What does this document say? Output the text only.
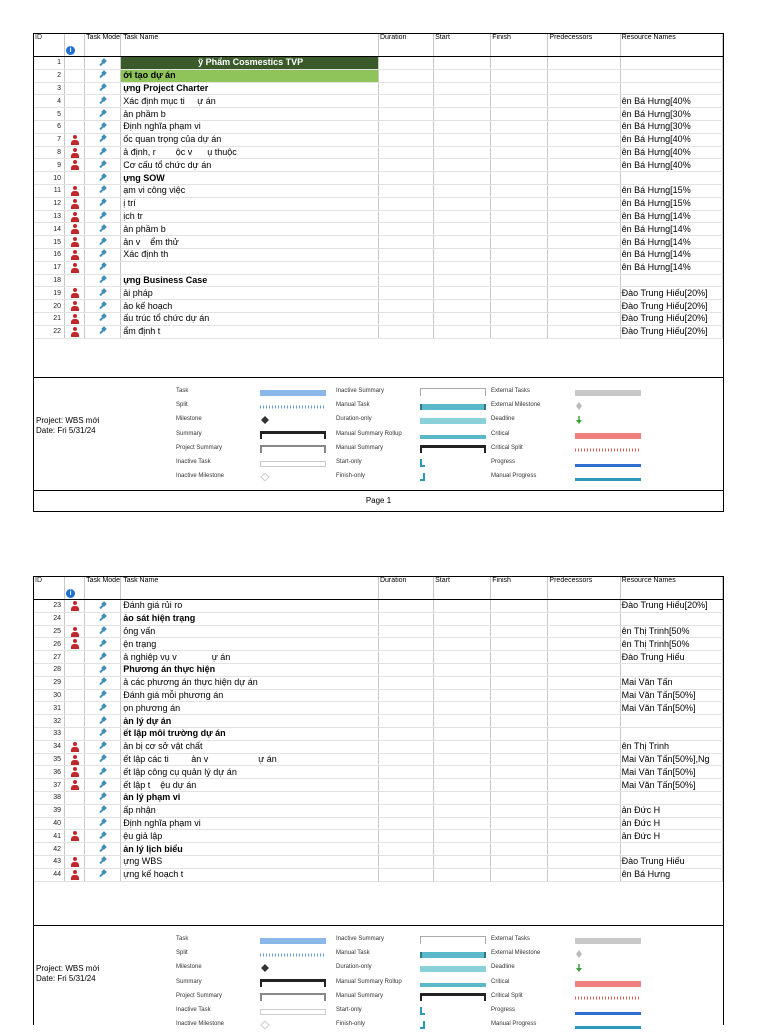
ID	i	Task Mode	Task Name	Duration	Start	Finish	Predecessors	Resource Names
1			ỹ Phẩm Cosmestics TVP					
2			ới tạo dự án					
3			ựng Project Charter					
4			Xác định mục ti     ự án					ên Bá Hưng[40%
5			ản phầm b					ên Bá Hưng[30%
6			Định nghĩa phạm vi					ên Bá Hưng[30%
7			ốc quan trọng của dự án					ên Bá Hưng[40%
8			ả định, r        ộc v      ụ thuộc					ên Bá Hưng[40%
9			Cơ cấu tổ chức dự án					ên Bá Hưng[40%
10			ựng SOW					
11			ạm vi công việc					ên Bá Hưng[15%
12			ị trí					ên Bá Hưng[15%
13			ịch tr					ên Bá Hưng[14%
14			ản phầm b					ên Bá Hưng[14%
15			ản v    ểm thử					ên Bá Hưng[14%
16			Xác định th					ên Bá Hưng[14%
17								ên Bá Hưng[14%
18			ựng Business Case					
19			ải pháp					Đào Trung Hiếu[20%]
20			ảo kế hoạch					Đào Trung Hiếu[20%]
21			ấu trúc tổ chức dự án					Đào Trung Hiếu[20%]
22			ẩm định t					Đào Trung Hiếu[20%]
Project: WBS mới
Date: Fri 5/31/24
Task
Split
Milestone
Summary
Project Summary
Inactive Task
Inactive Milestone
Inactive Summary
Manual Task
Duration-only
Manual Summary Rollup
Manual Summary
Start-only
Finish-only
External Tasks
External Milestone
Deadline
Critical
Critical Split
Progress
Manual Progress
Page 1
ID	i	Task Mode	Task Name	Duration	Start	Finish	Predecessors	Resource Names
23			Đánh giá rủi ro					Đào Trung Hiếu[20%]
24			ảo sát hiện trạng					
25			ỏng vấn					ên Thị Trinh[50%
26			ện trạng					ên Thị Trinh[50%
27			ả nghiệp vụ v              ự án					Đào Trung Hiếu
28			Phương án thực hiện					
29			ả các phương án thực hiện dự án					Mai Văn Tấn
30			Đánh giá mỗi phương án					Mai Văn Tấn[50%]
31			ọn phương án					Mai Văn Tấn[50%]
32			ản lý dự án					
33			ết lập môi trường dự án					
34			ản bị cơ sở vật chất					ên Thị Trinh
35			ết lập các ti         ản v                    ự án					Mai Văn Tấn[50%],Ng
36			ết lập công cụ quản lý dự án					Mai Văn Tấn[50%]
37			ết lập t    ệu dự án					Mai Văn Tấn[50%]
38			ản lý phạm vi					
39			ấp nhận					ản Đức H
40			Định nghĩa phạm vi					ản Đức H
41			ệu giả lập					ản Đức H
42			ản lý lịch biểu					
43			ựng WBS					Đào Trung Hiếu
44			ựng kế hoạch t					ên Bá Hưng
Project: WBS mới
Date: Fri 5/31/24
Task
Split
Milestone
Summary
Project Summary
Inactive Task
Inactive Milestone
Inactive Summary
Manual Task
Duration-only
Manual Summary Rollup
Manual Summary
Start-only
Finish-only
External Tasks
External Milestone
Deadline
Critical
Critical Split
Progress
Manual Progress
